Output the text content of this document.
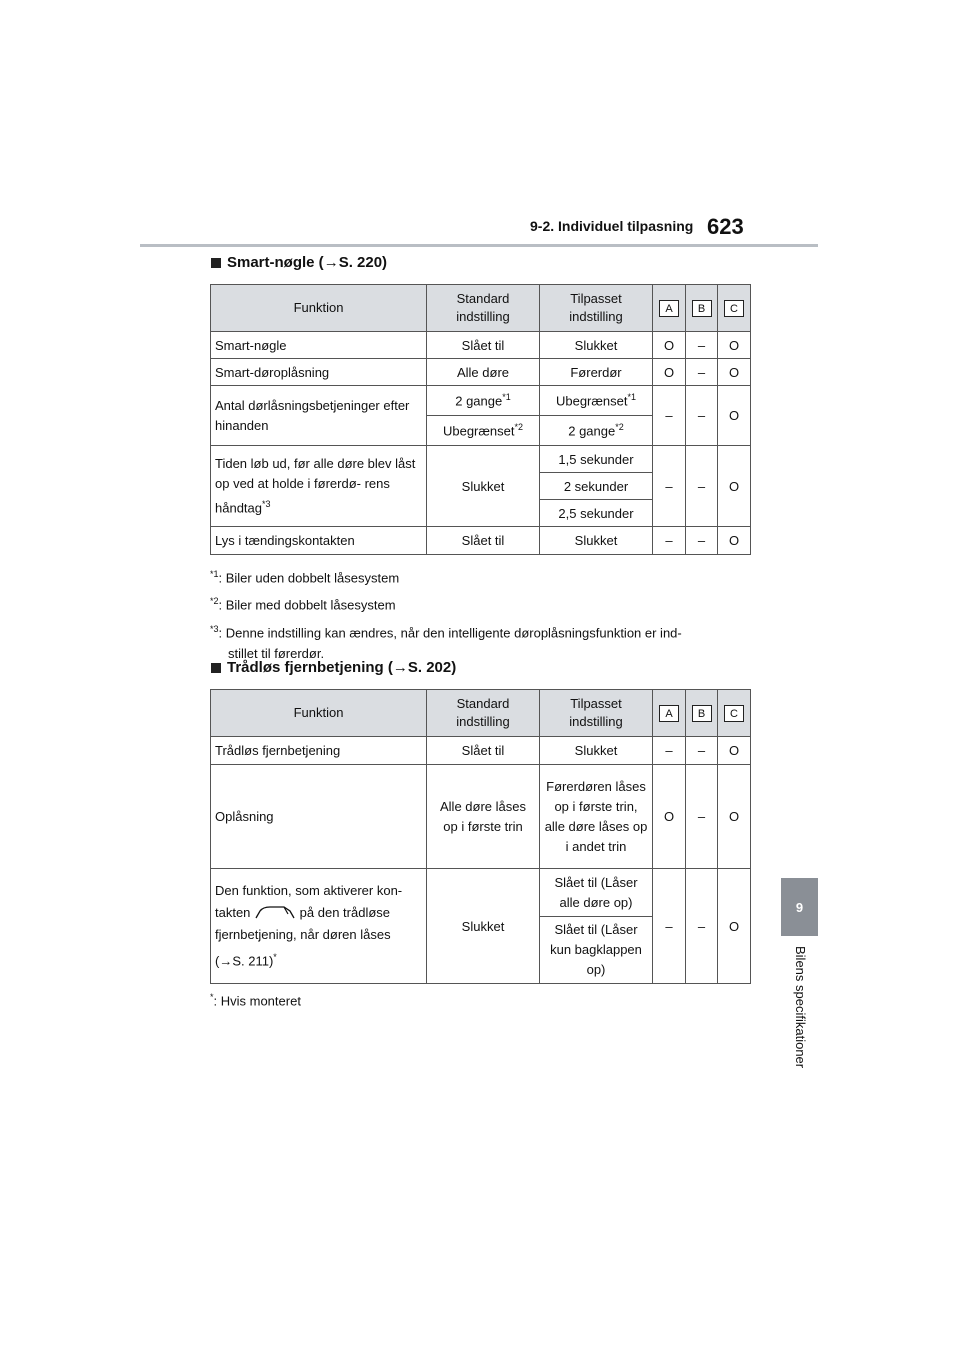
9-2. Individuel tilpasning 623
9
Bilens specifikationer
Smart-nøgle (→S. 220)
Funktion	Standard indstilling	Tilpasset indstilling	A	B	C
Smart-nøgle	Slået til	Slukket	O	–	O
Smart-døroplåsning	Alle døre	Førerdør	O	–	O
Antal dørlåsningsbetjeninger efter hinanden	2 gange$^{*1}$	Ubegrænset$^{*1}$	–	–	O
	Ubegrænset$^{*2}$	2 gange$^{*2}$
Tiden løb ud, før alle døre blev låst op ved at holde i førerdø- rens håndtag$^{*3}$	Slukket	1,5 sekunder	–	–	O
		2 sekunder			
		2,5 sekunder			
Lys i tændingskontakten	Slået til	Slukket	–	–	O
$^{*1}$: Biler uden dobbelt låsesystem
$^{*2}$: Biler med dobbelt låsesystem
$^{*3}$: Denne indstilling kan ændres, når den intelligente døroplåsningsfunktion er ind-
stillet til førerdør.
Trådløs fjernbetjening (→S. 202)
Funktion	Standard indstilling	Tilpasset indstilling	A	B	C
Trådløs fjernbetjening	Slået til	Slukket	–	–	O
Oplåsning	Alle døre låses op i første trin	Førerdøren låses op i første trin, alle døre låses op i andet trin	O	–	O
Den funktion, som aktiverer kon-
takten på den trådløse fjernbetjening, når døren låses
(→S. 211)*	Slukket	Slået til (Låser alle døre op)	–	–	O
		Slået til (Låser kun bagklappen op)			
*: Hvis monteret
